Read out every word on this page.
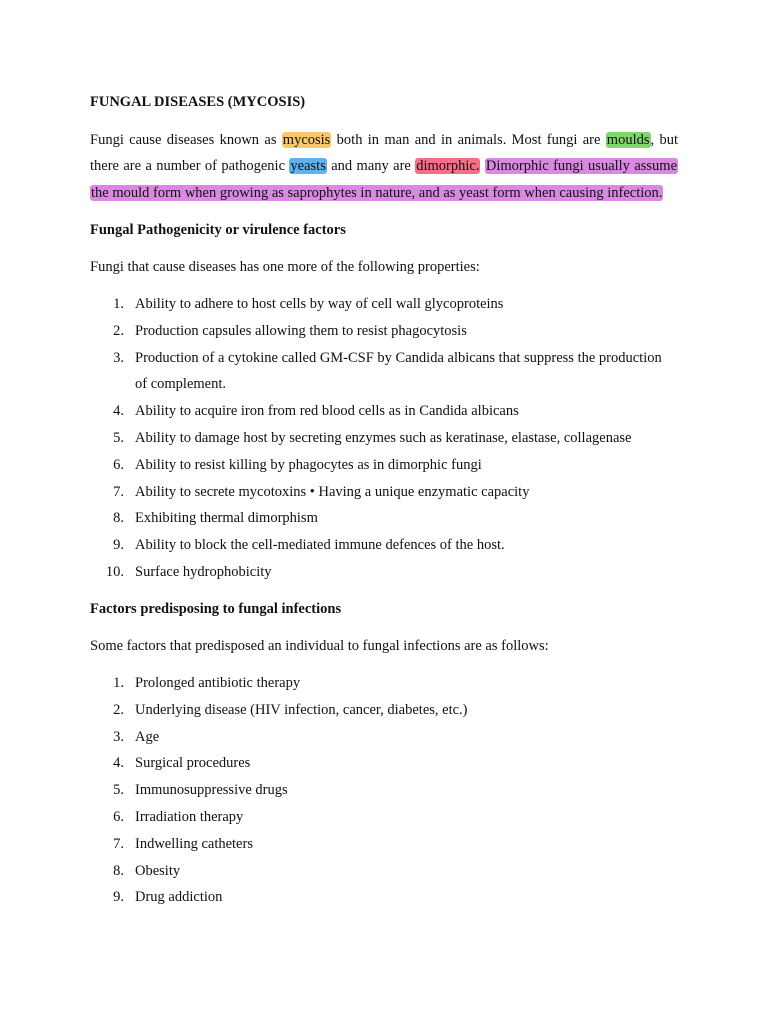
FUNGAL DISEASES (MYCOSIS)
Fungi cause diseases known as mycosis both in man and in animals. Most fungi are moulds, but
there are a number of pathogenic yeasts and many are dimorphic. Dimorphic fungi usually assume
the mould form when growing as saprophytes in nature, and as yeast form when causing infection.
Fungal Pathogenicity or virulence factors
Fungi that cause diseases has one more of the following properties:
1. Ability to adhere to host cells by way of cell wall glycoproteins
2. Production capsules allowing them to resist phagocytosis
3. Production of a cytokine called GM-CSF by Candida albicans that suppress the production
of complement.
4. Ability to acquire iron from red blood cells as in Candida albicans
5. Ability to damage host by secreting enzymes such as keratinase, elastase, collagenase
6. Ability to resist killing by phagocytes as in dimorphic fungi
7. Ability to secrete mycotoxins • Having a unique enzymatic capacity
8. Exhibiting thermal dimorphism
9. Ability to block the cell-mediated immune defences of the host.
10. Surface hydrophobicity
Factors predisposing to fungal infections
Some factors that predisposed an individual to fungal infections are as follows:
1. Prolonged antibiotic therapy
2. Underlying disease (HIV infection, cancer, diabetes, etc.)
3. Age
4. Surgical procedures
5. Immunosuppressive drugs
6. Irradiation therapy
7. Indwelling catheters
8. Obesity
9. Drug addiction
